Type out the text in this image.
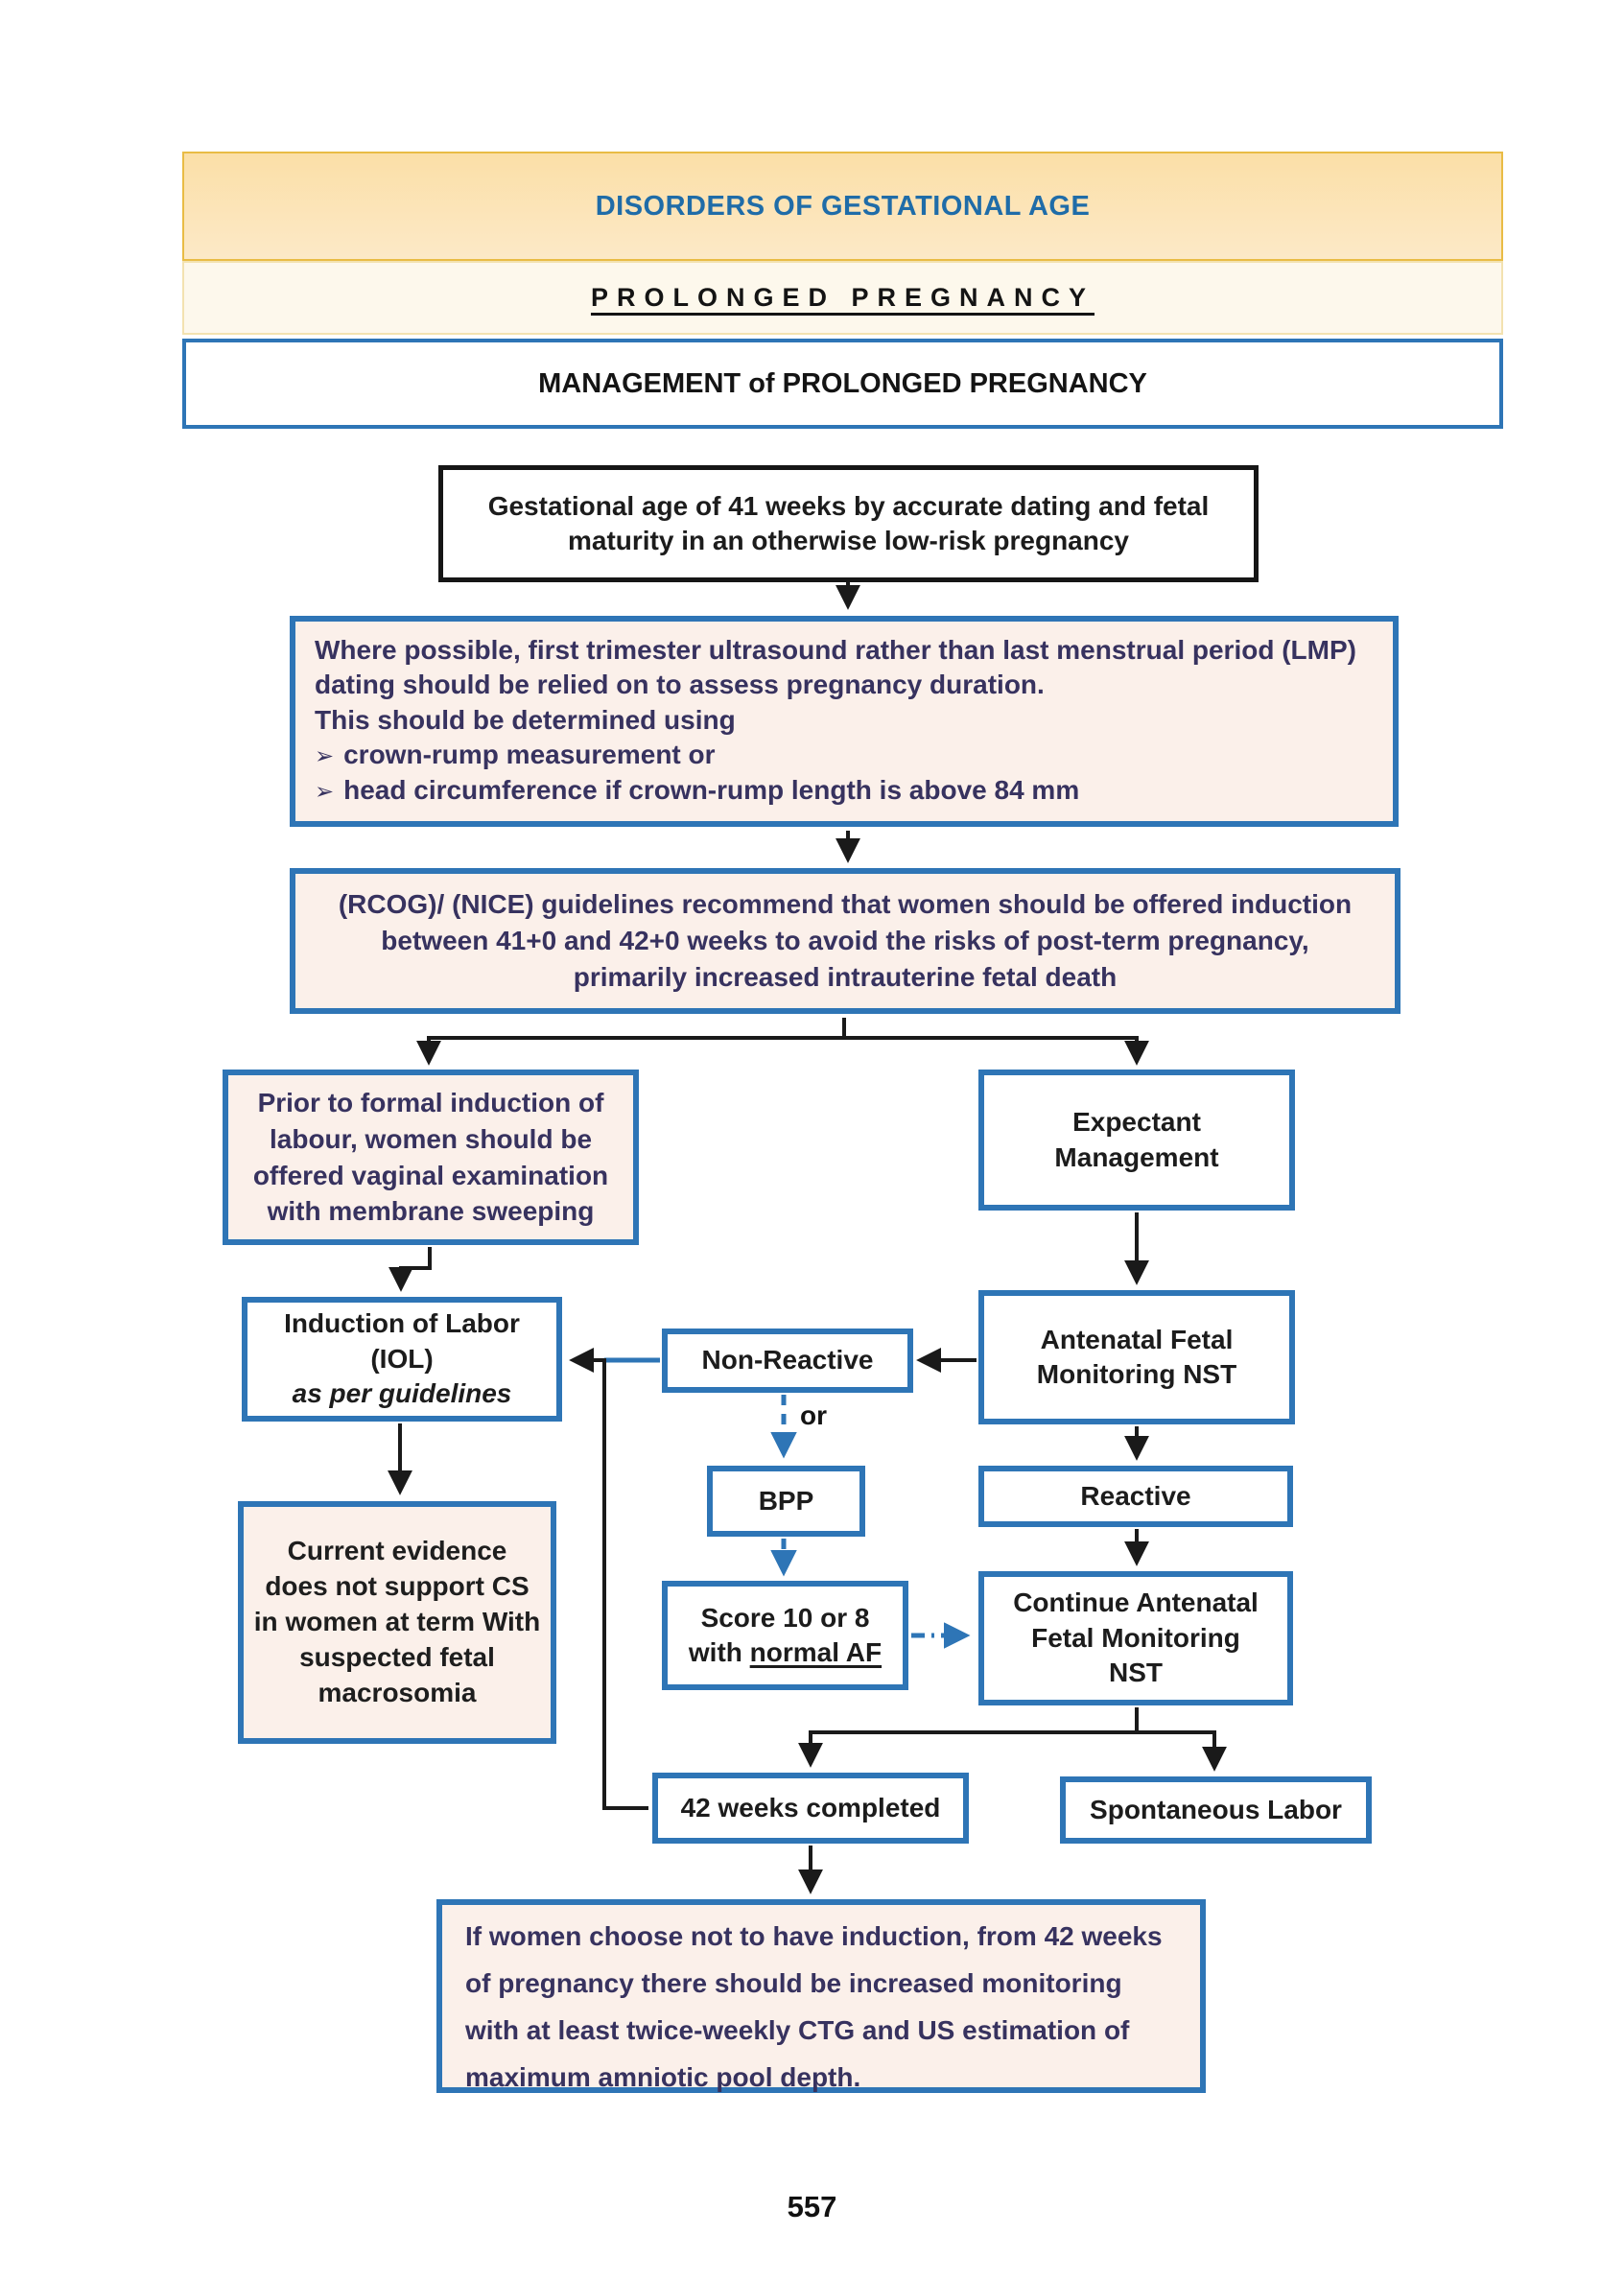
DISORDERS OF GESTATIONAL AGE
PROLONGED PREGNANCY
MANAGEMENT of PROLONGED PREGNANCY
Gestational age of 41 weeks by accurate dating and fetal maturity in an otherwise low-risk pregnancy
Where possible, first trimester ultrasound rather than last menstrual period (LMP) dating should be relied on to assess pregnancy duration.
This should be determined using
➢ crown-rump measurement or
➢ head circumference if crown-rump length is above 84 mm
(RCOG)/ (NICE) guidelines recommend that women should be offered induction between 41+0 and 42+0 weeks to avoid the risks of post-term pregnancy, primarily increased intrauterine fetal death
Prior to formal induction of labour, women should be offered vaginal examination with membrane sweeping
Expectant Management
Induction of Labor
(IOL)
as per guidelines
Non-Reactive
Antenatal Fetal Monitoring NST
or
BPP	Reactive
Score 10 or 8
with normal AF
Continue Antenatal Fetal Monitoring NST
Current evidence does not support CS in women at term With suspected fetal macrosomia
42 weeks completed	Spontaneous Labor
If women choose not to have induction, from 42 weeks of pregnancy there should be increased monitoring with at least twice-weekly CTG and US estimation of maximum amniotic pool depth.
557
